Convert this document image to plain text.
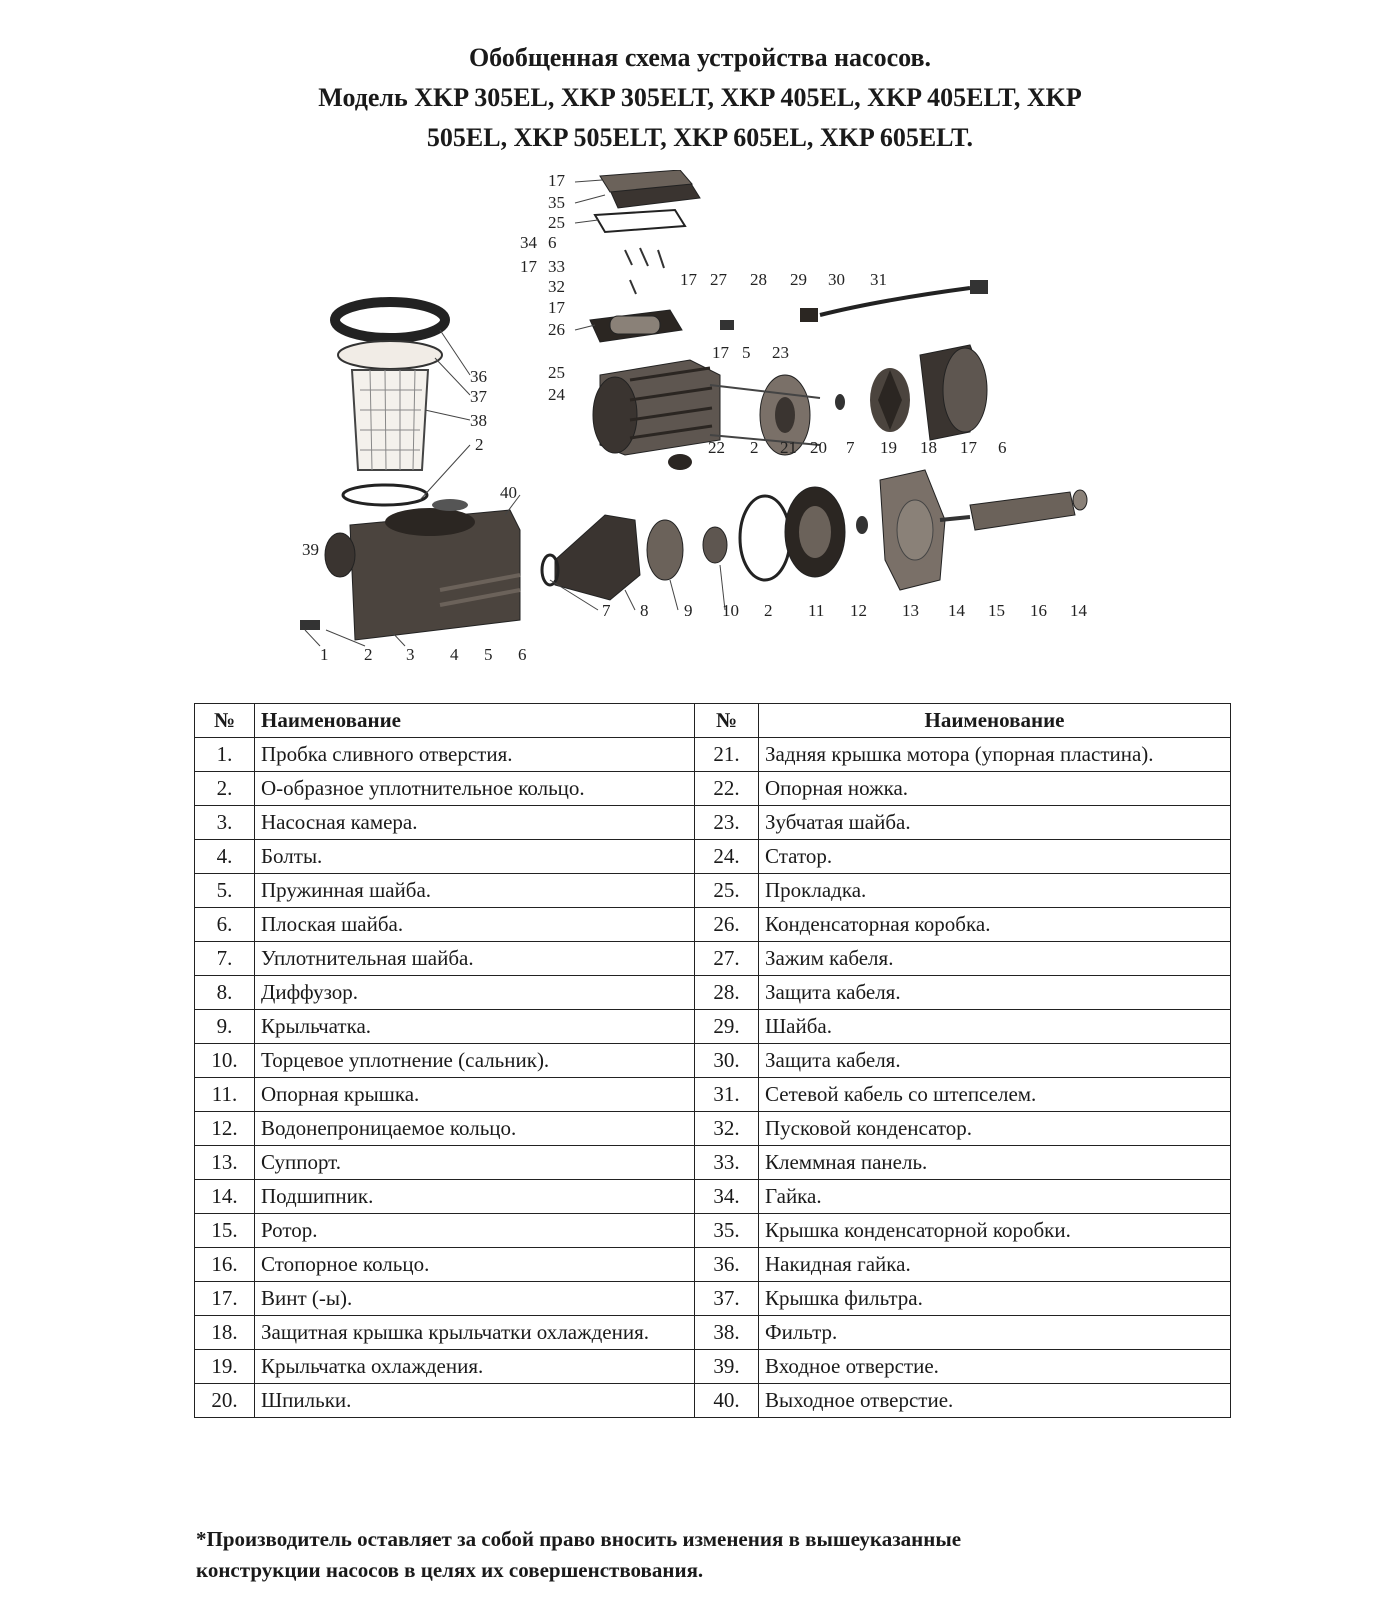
Обобщенная схема устройства насосов.
Модель XKP 305EL, XKP 305ELT, XKP 405EL, XKP 405ELT, XKP
505EL, XKP 505ELT, XKP 605EL, XKP 605ELT.
17
35
25
34 6
17 33
32
17
26
17 27 28 29 30 31
25
24
17 5 23
36
37
38
2	22 2 21 20 7 19 18 17 6
40
39
7 8 9 10 2 11 12 13 14 15 16 14
1 2 3 4 5 6
№	Наименование	№	Наименование
1.	Пробка сливного отверстия.	21.	Задняя крышка мотора (упорная пластина).
2.	О-образное уплотнительное кольцо.	22.	Опорная ножка.
3.	Насосная камера.	23.	Зубчатая шайба.
4.	Болты.	24.	Статор.
5.	Пружинная шайба.	25.	Прокладка.
6.	Плоская шайба.	26.	Конденсаторная коробка.
7.	Уплотнительная шайба.	27.	Зажим кабеля.
8.	Диффузор.	28.	Защита кабеля.
9.	Крыльчатка.	29.	Шайба.
10.	Торцевое уплотнение (сальник).	30.	Защита кабеля.
11.	Опорная крышка.	31.	Сетевой кабель со штепселем.
12.	Водонепроницаемое кольцо.	32.	Пусковой конденсатор.
13.	Суппорт.	33.	Клеммная панель.
14.	Подшипник.	34.	Гайка.
15.	Ротор.	35.	Крышка конденсаторной коробки.
16.	Стопорное кольцо.	36.	Накидная гайка.
17.	Винт (-ы).	37.	Крышка фильтра.
18.	Защитная крышка крыльчатки охлаждения.	38.	Фильтр.
19.	Крыльчатка охлаждения.	39.	Входное отверстие.
20.	Шпильки.	40.	Выходное отверстие.
*Производитель оставляет за собой право вносить изменения в вышеуказанные
конструкции насосов в целях их совершенствования.
